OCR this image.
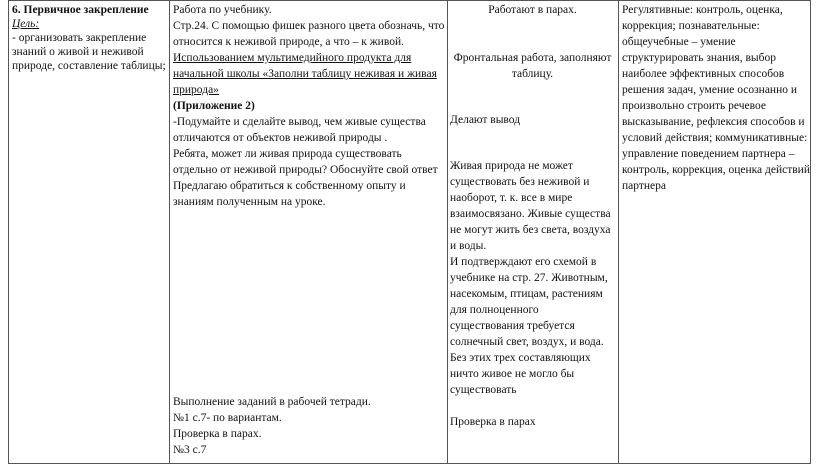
6. Первичное закрепление

Цель:

- организовать закрепление знаний о живой и неживой природе, составление таблицы;

Работа по учебнику.

Стр.24. С помощью фишек разного цвета обозначь, что относится к неживой природе, а что – к живой.

Использованием мультимедийного продукта для начальной школы «Заполни таблицу неживая и живая природа»

(Приложение 2)

-Подумайте и сделайте вывод, чем живые существа отличаются от объектов неживой природы .

Ребята, может ли живая природа существовать отдельно от неживой природы? Обоснуйте свой ответ

Предлагаю обратиться к собственному опыту и знаниям полученным на уроке.

Выполнение заданий в рабочей тетради.

№1 с.7- по вариантам.

Проверка в парах.

№3 с.7

Работают в парах.

Фронтальная работа, заполняют таблицу.

Делают вывод

Живая природа не может существовать без неживой и наоборот, т. к. все в мире взаимосвязано. Живые существа не могут жить без света, воздуха и воды.

И подтверждают его схемой в учебнике на стр. 27. Животным, насекомым, птицам, растениям для полноценного существования требуется солнечный свет, воздух, и вода. Без этих трех составляющих ничто живое не могло бы существовать

Проверка в парах

Регулятивные: контроль, оценка, коррекция; познавательные: общеучебные – умение структурировать знания, выбор наиболее эффективных способов решения задач, умение осознанно и произвольно строить речевое высказывание, рефлексия способов и условий действия; коммуникативные: управление поведением партнера – контроль, коррекция, оценка действий партнера
